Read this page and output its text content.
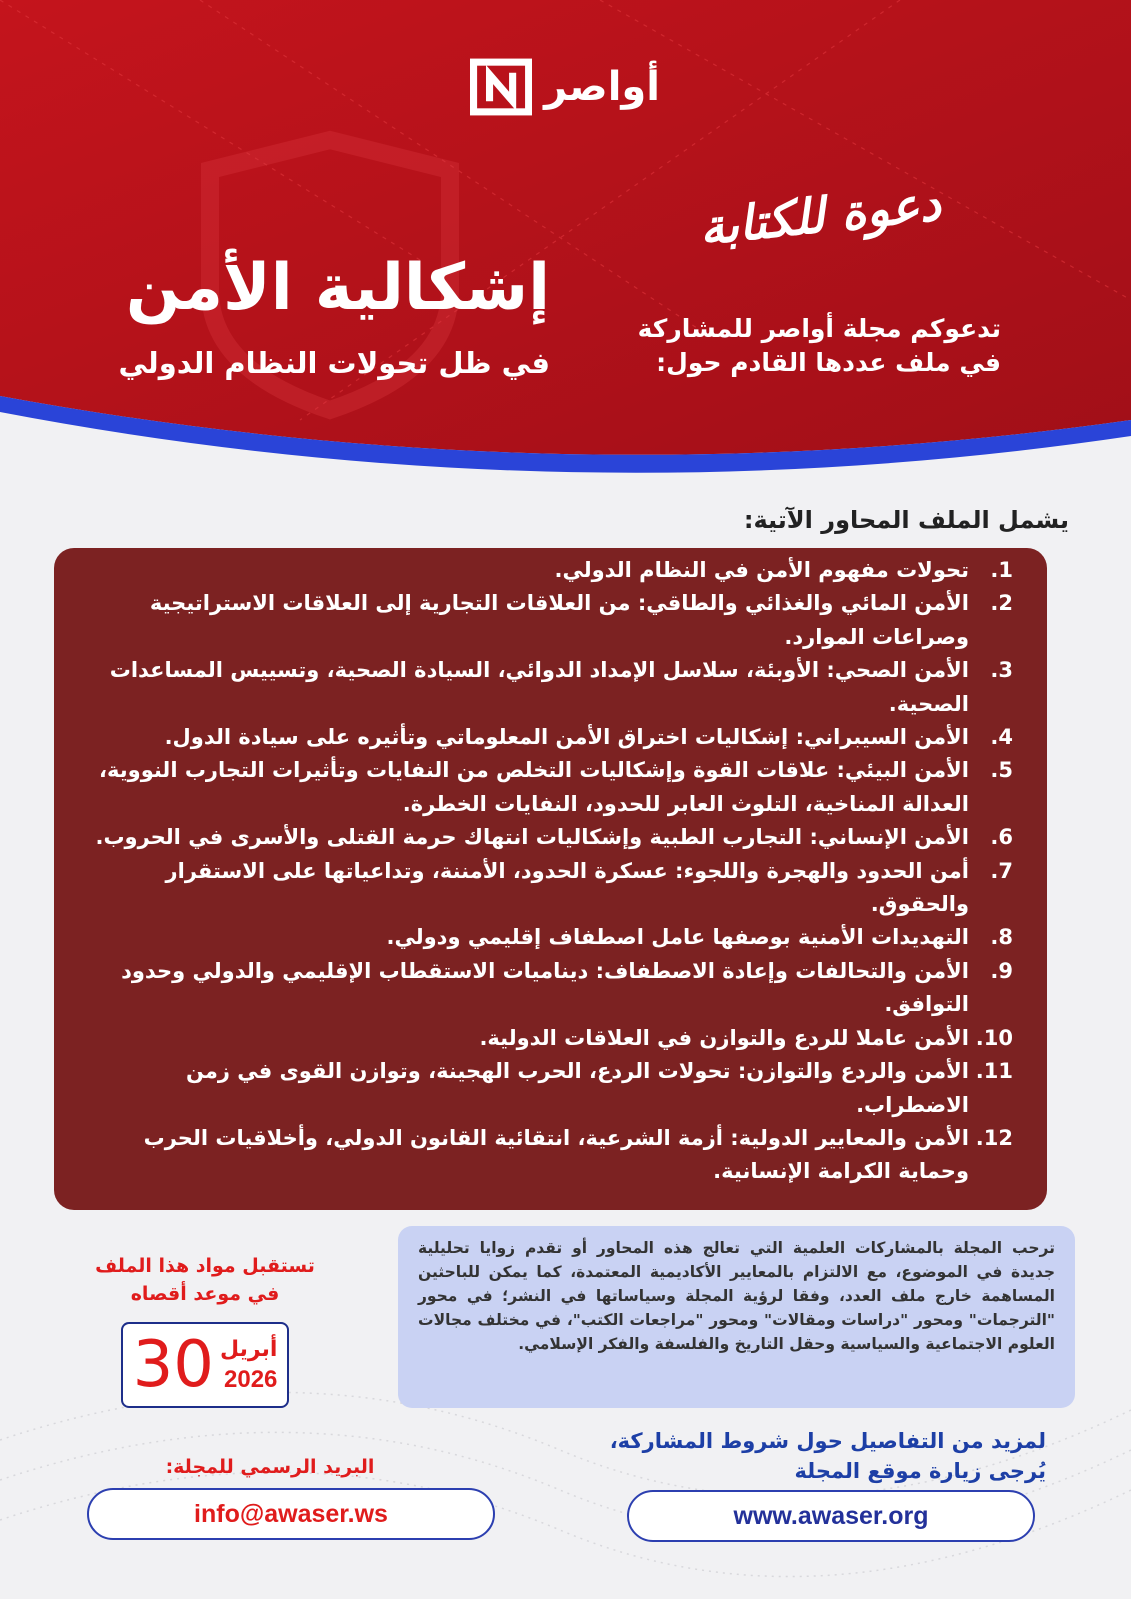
أواصر
دعوة للكتابة
تدعوكم مجلة أواصر للمشاركة
في ملف عددها القادم حول:
إشكالية الأمن
في ظل تحولات النظام الدولي
يشمل الملف المحاور الآتية:
1.
تحولات مفهوم الأمن في النظام الدولي.
2.
الأمن المائي والغذائي والطاقي: من العلاقات التجارية إلى العلاقات الاستراتيجية وصراعات الموارد.
3.
الأمن الصحي: الأوبئة، سلاسل الإمداد الدوائي، السيادة الصحية، وتسييس المساعدات الصحية.
4.
الأمن السيبراني: إشكاليات اختراق الأمن المعلوماتي وتأثيره على سيادة الدول.
5.
الأمن البيئي: علاقات القوة وإشكاليات التخلص من النفايات وتأثيرات التجارب النووية، العدالة المناخية، التلوث العابر للحدود، النفايات الخطرة.
6.
الأمن الإنساني: التجارب الطبية وإشكاليات انتهاك حرمة القتلى والأسرى في الحروب.
7.
أمن الحدود والهجرة واللجوء: عسكرة الحدود، الأمننة، وتداعياتها على الاستقرار والحقوق.
8.
التهديدات الأمنية بوصفها عامل اصطفاف إقليمي ودولي.
9.
الأمن والتحالفات وإعادة الاصطفاف: ديناميات الاستقطاب الإقليمي والدولي وحدود التوافق.
10.
الأمن عاملا للردع والتوازن في العلاقات الدولية.
11.
الأمن والردع والتوازن: تحولات الردع، الحرب الهجينة، وتوازن القوى في زمن الاضطراب.
12.
الأمن والمعايير الدولية: أزمة الشرعية، انتقائية القانون الدولي، وأخلاقيات الحرب وحماية الكرامة الإنسانية.
ترحب المجلة بالمشاركات العلمية التي تعالج هذه المحاور أو تقدم زوايا تحليلية جديدة في الموضوع، مع الالتزام بالمعايير الأكاديمية المعتمدة، كما يمكن للباحثين المساهمة خارج ملف العدد، وفقا لرؤية المجلة وسياساتها في النشر؛ في محور "الترجمات" ومحور "دراسات ومقالات" ومحور "مراجعات الكتب"، في مختلف مجالات العلوم الاجتماعية والسياسية وحقل التاريخ والفلسفة والفكر الإسلامي.
تستقبل مواد هذا الملف
في موعد أقصاه
30 أبريل
2026
لمزيد من التفاصيل حول شروط المشاركة،
يُرجى زيارة موقع المجلة
البريد الرسمي للمجلة:
info@awaser.ws	www.awaser.org
